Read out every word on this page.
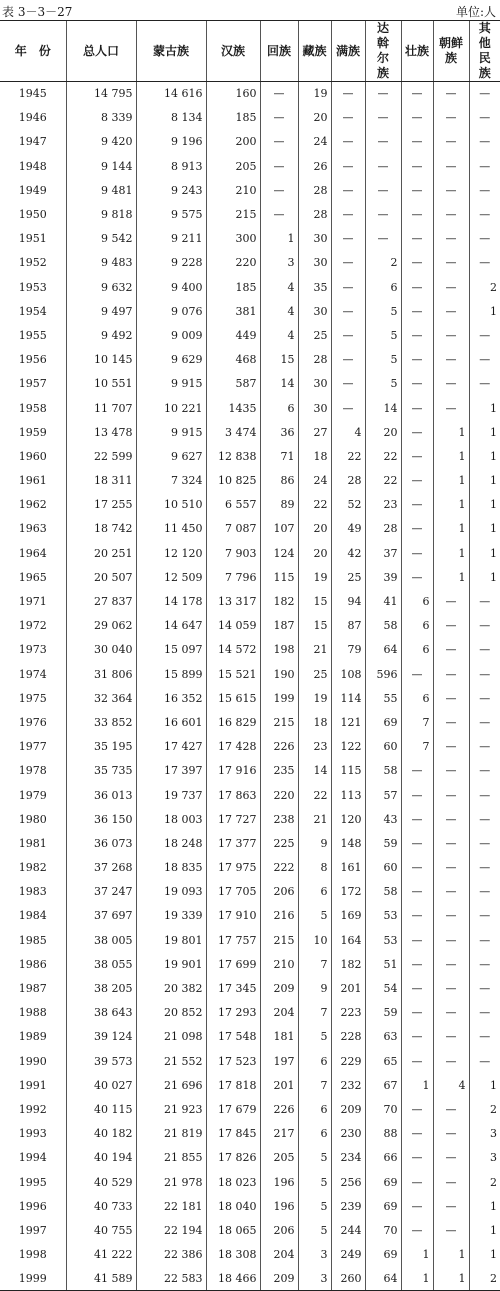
表 3－3－27	单位:人
年　份	总人口	蒙古族	汉族	回族	藏族	满族	达斡尔族	壮族	朝鲜族	其他民族
1945	14 795	14 616	160	—	19	—	—	—	—	—
1946	8 339	8 134	185	—	20	—	—	—	—	—
1947	9 420	9 196	200	—	24	—	—	—	—	—
1948	9 144	8 913	205	—	26	—	—	—	—	—
1949	9 481	9 243	210	—	28	—	—	—	—	—
1950	9 818	9 575	215	—	28	—	—	—	—	—
1951	9 542	9 211	300	1	30	—	—	—	—	—
1952	9 483	9 228	220	3	30	—	2	—	—	—
1953	9 632	9 400	185	4	35	—	6	—	—	2
1954	9 497	9 076	381	4	30	—	5	—	—	1
1955	9 492	9 009	449	4	25	—	5	—	—	—
1956	10 145	9 629	468	15	28	—	5	—	—	—
1957	10 551	9 915	587	14	30	—	5	—	—	—
1958	11 707	10 221	1435	6	30	—	14	—	—	1
1959	13 478	9 915	3 474	36	27	4	20	—	1	1
1960	22 599	9 627	12 838	71	18	22	22	—	1	1
1961	18 311	7 324	10 825	86	24	28	22	—	1	1
1962	17 255	10 510	6 557	89	22	52	23	—	1	1
1963	18 742	11 450	7 087	107	20	49	28	—	1	1
1964	20 251	12 120	7 903	124	20	42	37	—	1	1
1965	20 507	12 509	7 796	115	19	25	39	—	1	1
1971	27 837	14 178	13 317	182	15	94	41	6	—	—
1972	29 062	14 647	14 059	187	15	87	58	6	—	—
1973	30 040	15 097	14 572	198	21	79	64	6	—	—
1974	31 806	15 899	15 521	190	25	108	596	—	—	—
1975	32 364	16 352	15 615	199	19	114	55	6	—	—
1976	33 852	16 601	16 829	215	18	121	69	7	—	—
1977	35 195	17 427	17 428	226	23	122	60	7	—	—
1978	35 735	17 397	17 916	235	14	115	58	—	—	—
1979	36 013	19 737	17 863	220	22	113	57	—	—	—
1980	36 150	18 003	17 727	238	21	120	43	—	—	—
1981	36 073	18 248	17 377	225	9	148	59	—	—	—
1982	37 268	18 835	17 975	222	8	161	60	—	—	—
1983	37 247	19 093	17 705	206	6	172	58	—	—	—
1984	37 697	19 339	17 910	216	5	169	53	—	—	—
1985	38 005	19 801	17 757	215	10	164	53	—	—	—
1986	38 055	19 901	17 699	210	7	182	51	—	—	—
1987	38 205	20 382	17 345	209	9	201	54	—	—	—
1988	38 643	20 852	17 293	204	7	223	59	—	—	—
1989	39 124	21 098	17 548	181	5	228	63	—	—	—
1990	39 573	21 552	17 523	197	6	229	65	—	—	—
1991	40 027	21 696	17 818	201	7	232	67	1	4	1
1992	40 115	21 923	17 679	226	6	209	70	—	—	2
1993	40 182	21 819	17 845	217	6	230	88	—	—	3
1994	40 194	21 855	17 826	205	5	234	66	—	—	3
1995	40 529	21 978	18 023	196	5	256	69	—	—	2
1996	40 733	22 181	18 040	196	5	239	69	—	—	1
1997	40 755	22 194	18 065	206	5	244	70	—	—	1
1998	41 222	22 386	18 308	204	3	249	69	1	1	1
1999	41 589	22 583	18 466	209	3	260	64	1	1	2
